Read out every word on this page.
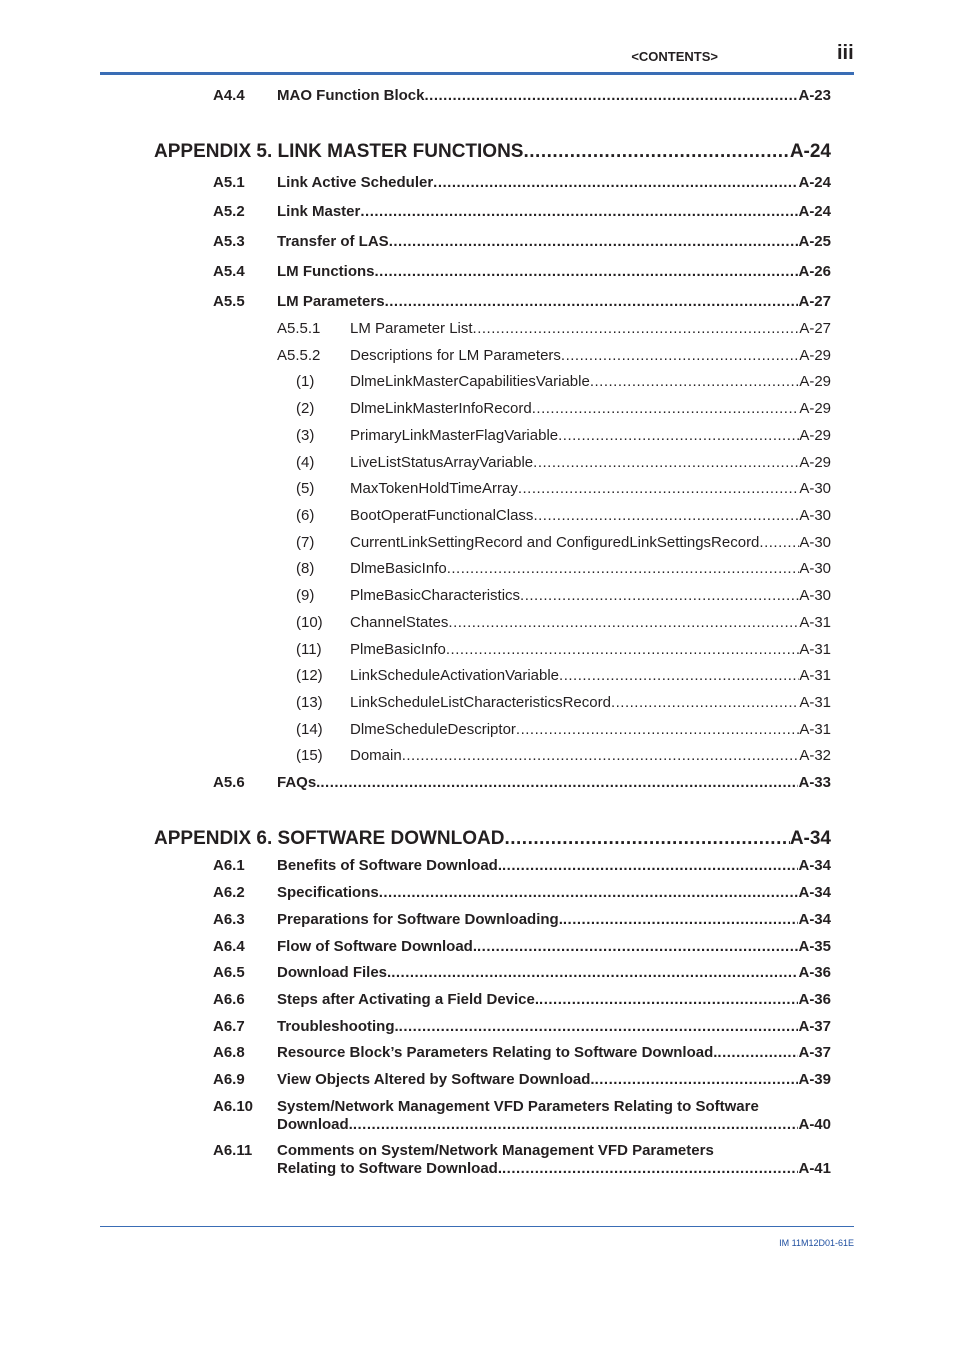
<CONTENTS>	iii
A4.4 MAO Function Block .....	A-23
APPENDIX 5. LINK MASTER FUNCTIONS .....	A-24
A5.1 Link Active Scheduler .....	A-24
A5.2 Link Master .....	A-24
A5.3 Transfer of LAS .....	A-25
A5.4 LM Functions .....	A-26
A5.5 LM Parameters .....	A-27
A5.5.1 LM Parameter List .....	A-27
A5.5.2 Descriptions for LM Parameters .....	A-29
(1) DlmeLinkMasterCapabilitiesVariable .....	A-29
(2) DlmeLinkMasterInfoRecord .....	A-29
(3) PrimaryLinkMasterFlagVariable .....	A-29
(4) LiveListStatusArrayVariable .....	A-29
(5) MaxTokenHoldTimeArray .....	A-30
(6) BootOperatFunctionalClass .....	A-30
(7) CurrentLinkSettingRecord and ConfiguredLinkSettingsRecord .....	A-30
(8) DlmeBasicInfo .....	A-30
(9) PlmeBasicCharacteristics .....	A-30
(10) ChannelStates .....	A-31
(11) PlmeBasicInfo .....	A-31
(12) LinkScheduleActivationVariable .....	A-31
(13) LinkScheduleListCharacteristicsRecord .....	A-31
(14) DlmeScheduleDescriptor .....	A-31
(15) Domain .....	A-32
A5.6 FAQs. .....	A-33
APPENDIX 6. SOFTWARE DOWNLOAD .....	A-34
A6.1 Benefits of Software Download. .....	A-34
A6.2 Specifications .....	A-34
A6.3 Preparations for Software Downloading. .....	A-34
A6.4 Flow of Software Download. .....	A-35
A6.5 Download Files. .....	A-36
A6.6 Steps after Activating a Field Device. .....	A-36
A6.7 Troubleshooting. .....	A-37
A6.8 Resource Block’s Parameters Relating to Software Download. .....	A-37
A6.9 View Objects Altered by Software Download. .....	A-39
A6.10 System/Network Management VFD Parameters Relating to Software
Download. .....	A-40
A6.11 Comments on System/Network Management VFD Parameters
Relating to Software Download. .....	A-41
IM 11M12D01-61E
